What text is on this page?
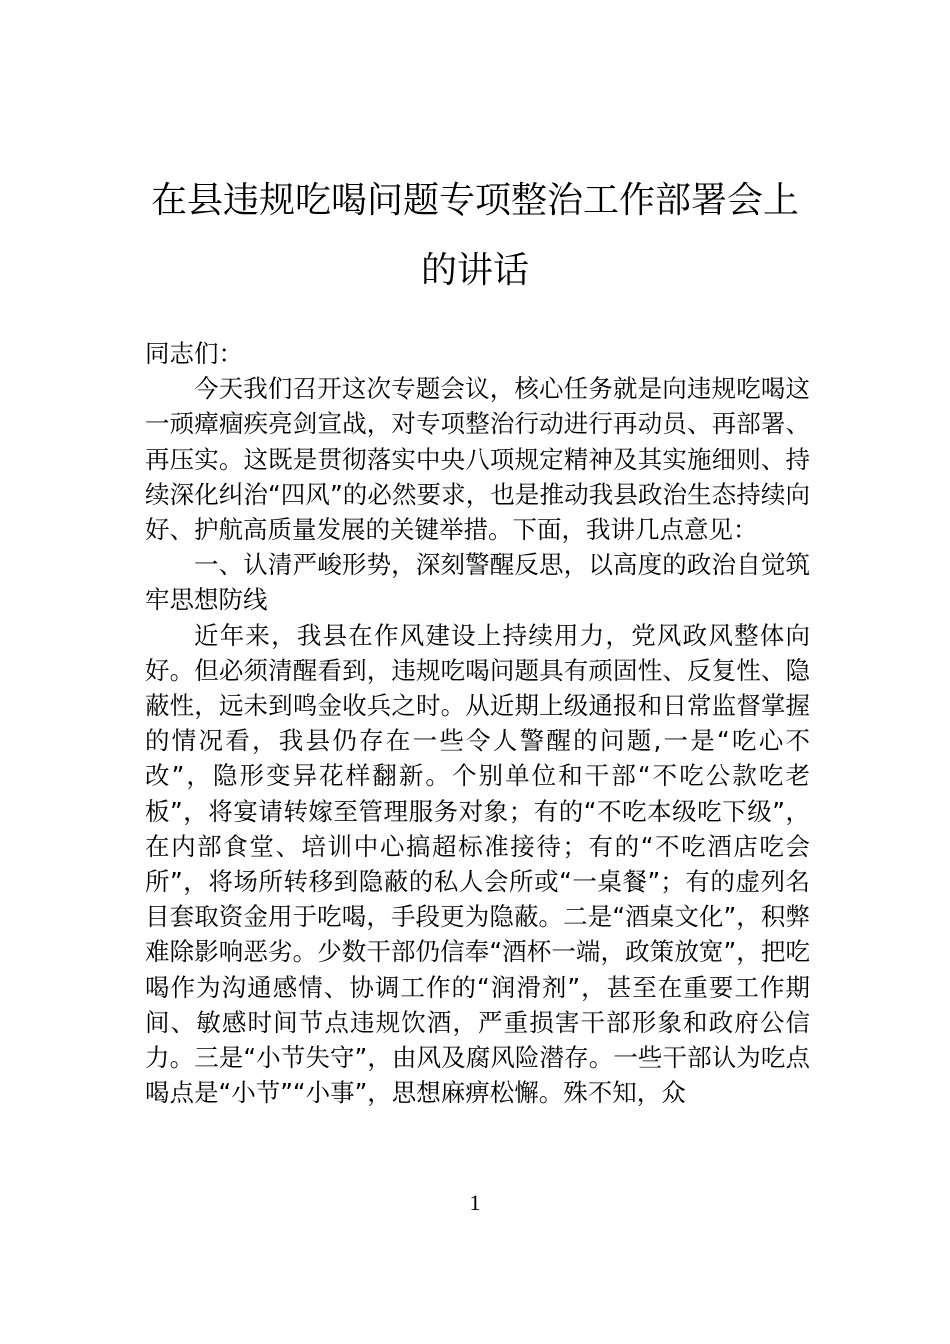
在县违规吃喝问题专项整治工作部署会上的讲话

同志们：

今天我们召开这次专题会议，核心任务就是向违规吃喝这一顽瘴痼疾亮剑宣战，对专项整治行动进行再动员、再部署、再压实。这既是贯彻落实中央八项规定精神及其实施细则、持续深化纠治“四风”的必然要求，也是推动我县政治生态持续向好、护航高质量发展的关键举措。下面，我讲几点意见：

一、认清严峻形势，深刻警醒反思，以高度的政治自觉筑牢思想防线

近年来，我县在作风建设上持续用力，党风政风整体向好。但必须清醒看到，违规吃喝问题具有顽固性、反复性、隐蔽性，远未到鸣金收兵之时。从近期上级通报和日常监督掌握的情况看，我县仍存在一些令人警醒的问题,一是“吃心不改”，隐形变异花样翻新。个别单位和干部“不吃公款吃老板”，将宴请转嫁至管理服务对象；有的“不吃本级吃下级”，在内部食堂、培训中心搞超标准接待；有的“不吃酒店吃会所”，将场所转移到隐蔽的私人会所或“一桌餐”；有的虚列名目套取资金用于吃喝，手段更为隐蔽。二是“酒桌文化”，积弊难除影响恶劣。少数干部仍信奉“酒杯一端，政策放宽”，把吃喝作为沟通感情、协调工作的“润滑剂”，甚至在重要工作期间、敏感时间节点违规饮酒，严重损害干部形象和政府公信力。三是“小节失守”，由风及腐风险潜存。一些干部认为吃点喝点是“小节”“小事”，思想麻痹松懈。殊不知，众

1
